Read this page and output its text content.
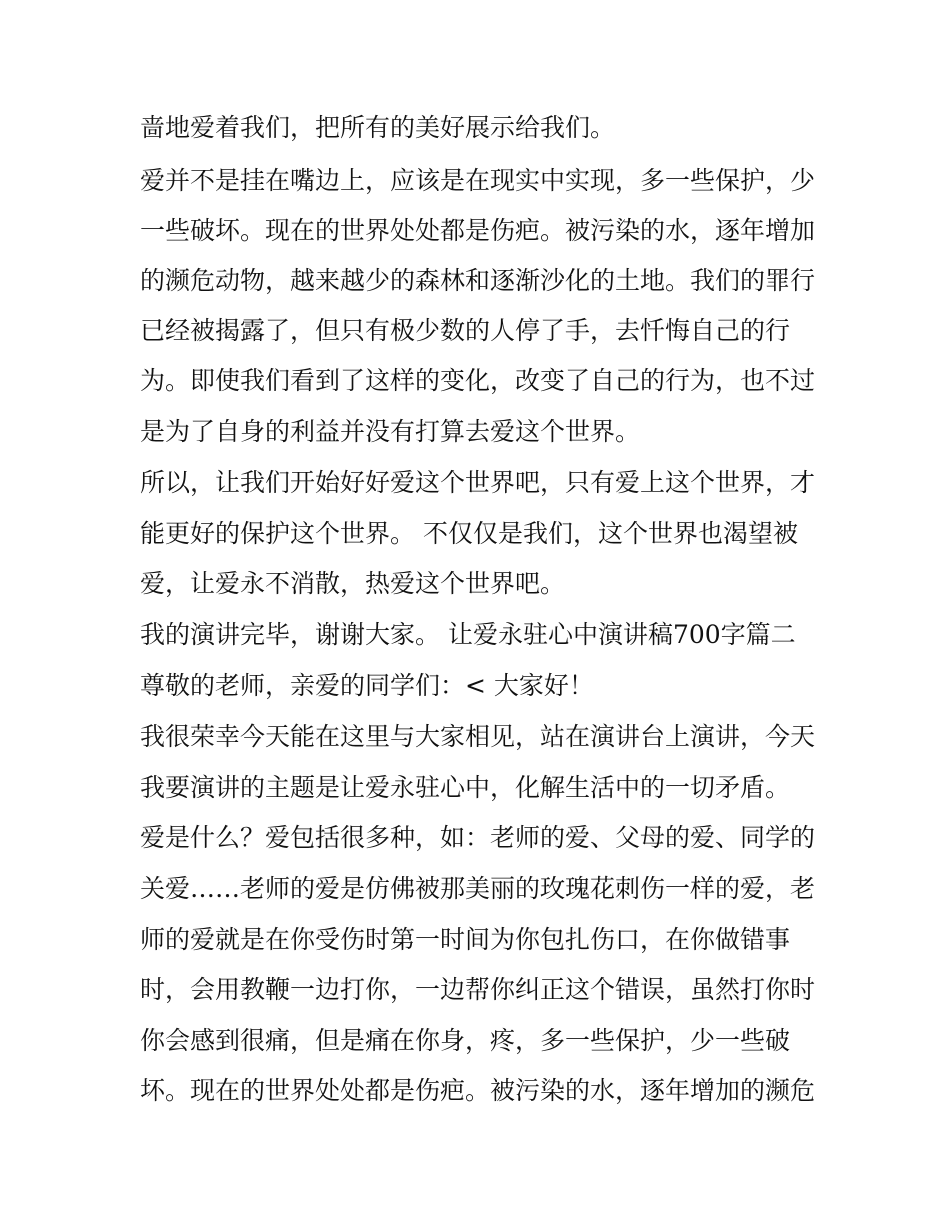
啬地爱着我们，把所有的美好展示给我们。
爱并不是挂在嘴边上，应该是在现实中实现，多一些保护，少
一些破坏。现在的世界处处都是伤疤。被污染的水，逐年增加
的濒危动物，越来越少的森林和逐渐沙化的土地。我们的罪行
已经被揭露了，但只有极少数的人停了手，去忏悔自己的行
为。即使我们看到了这样的变化，改变了自己的行为，也不过
是为了自身的利益并没有打算去爱这个世界。
所以，让我们开始好好爱这个世界吧，只有爱上这个世界，才
能更好的保护这个世界。 不仅仅是我们，这个世界也渴望被
爱，让爱永不消散，热爱这个世界吧。
我的演讲完毕，谢谢大家。 让爱永驻心中演讲稿700字篇二
尊敬的老师，亲爱的同学们：< 大家好！
我很荣幸今天能在这里与大家相见，站在演讲台上演讲，今天
我要演讲的主题是让爱永驻心中，化解生活中的一切矛盾。
爱是什么？爱包括很多种，如：老师的爱、父母的爱、同学的
关爱……老师的爱是仿佛被那美丽的玫瑰花刺伤一样的爱，老
师的爱就是在你受伤时第一时间为你包扎伤口，在你做错事
时，会用教鞭一边打你，一边帮你纠正这个错误，虽然打你时
你会感到很痛，但是痛在你身，疼，多一些保护，少一些破
坏。现在的世界处处都是伤疤。被污染的水，逐年增加的濒危
